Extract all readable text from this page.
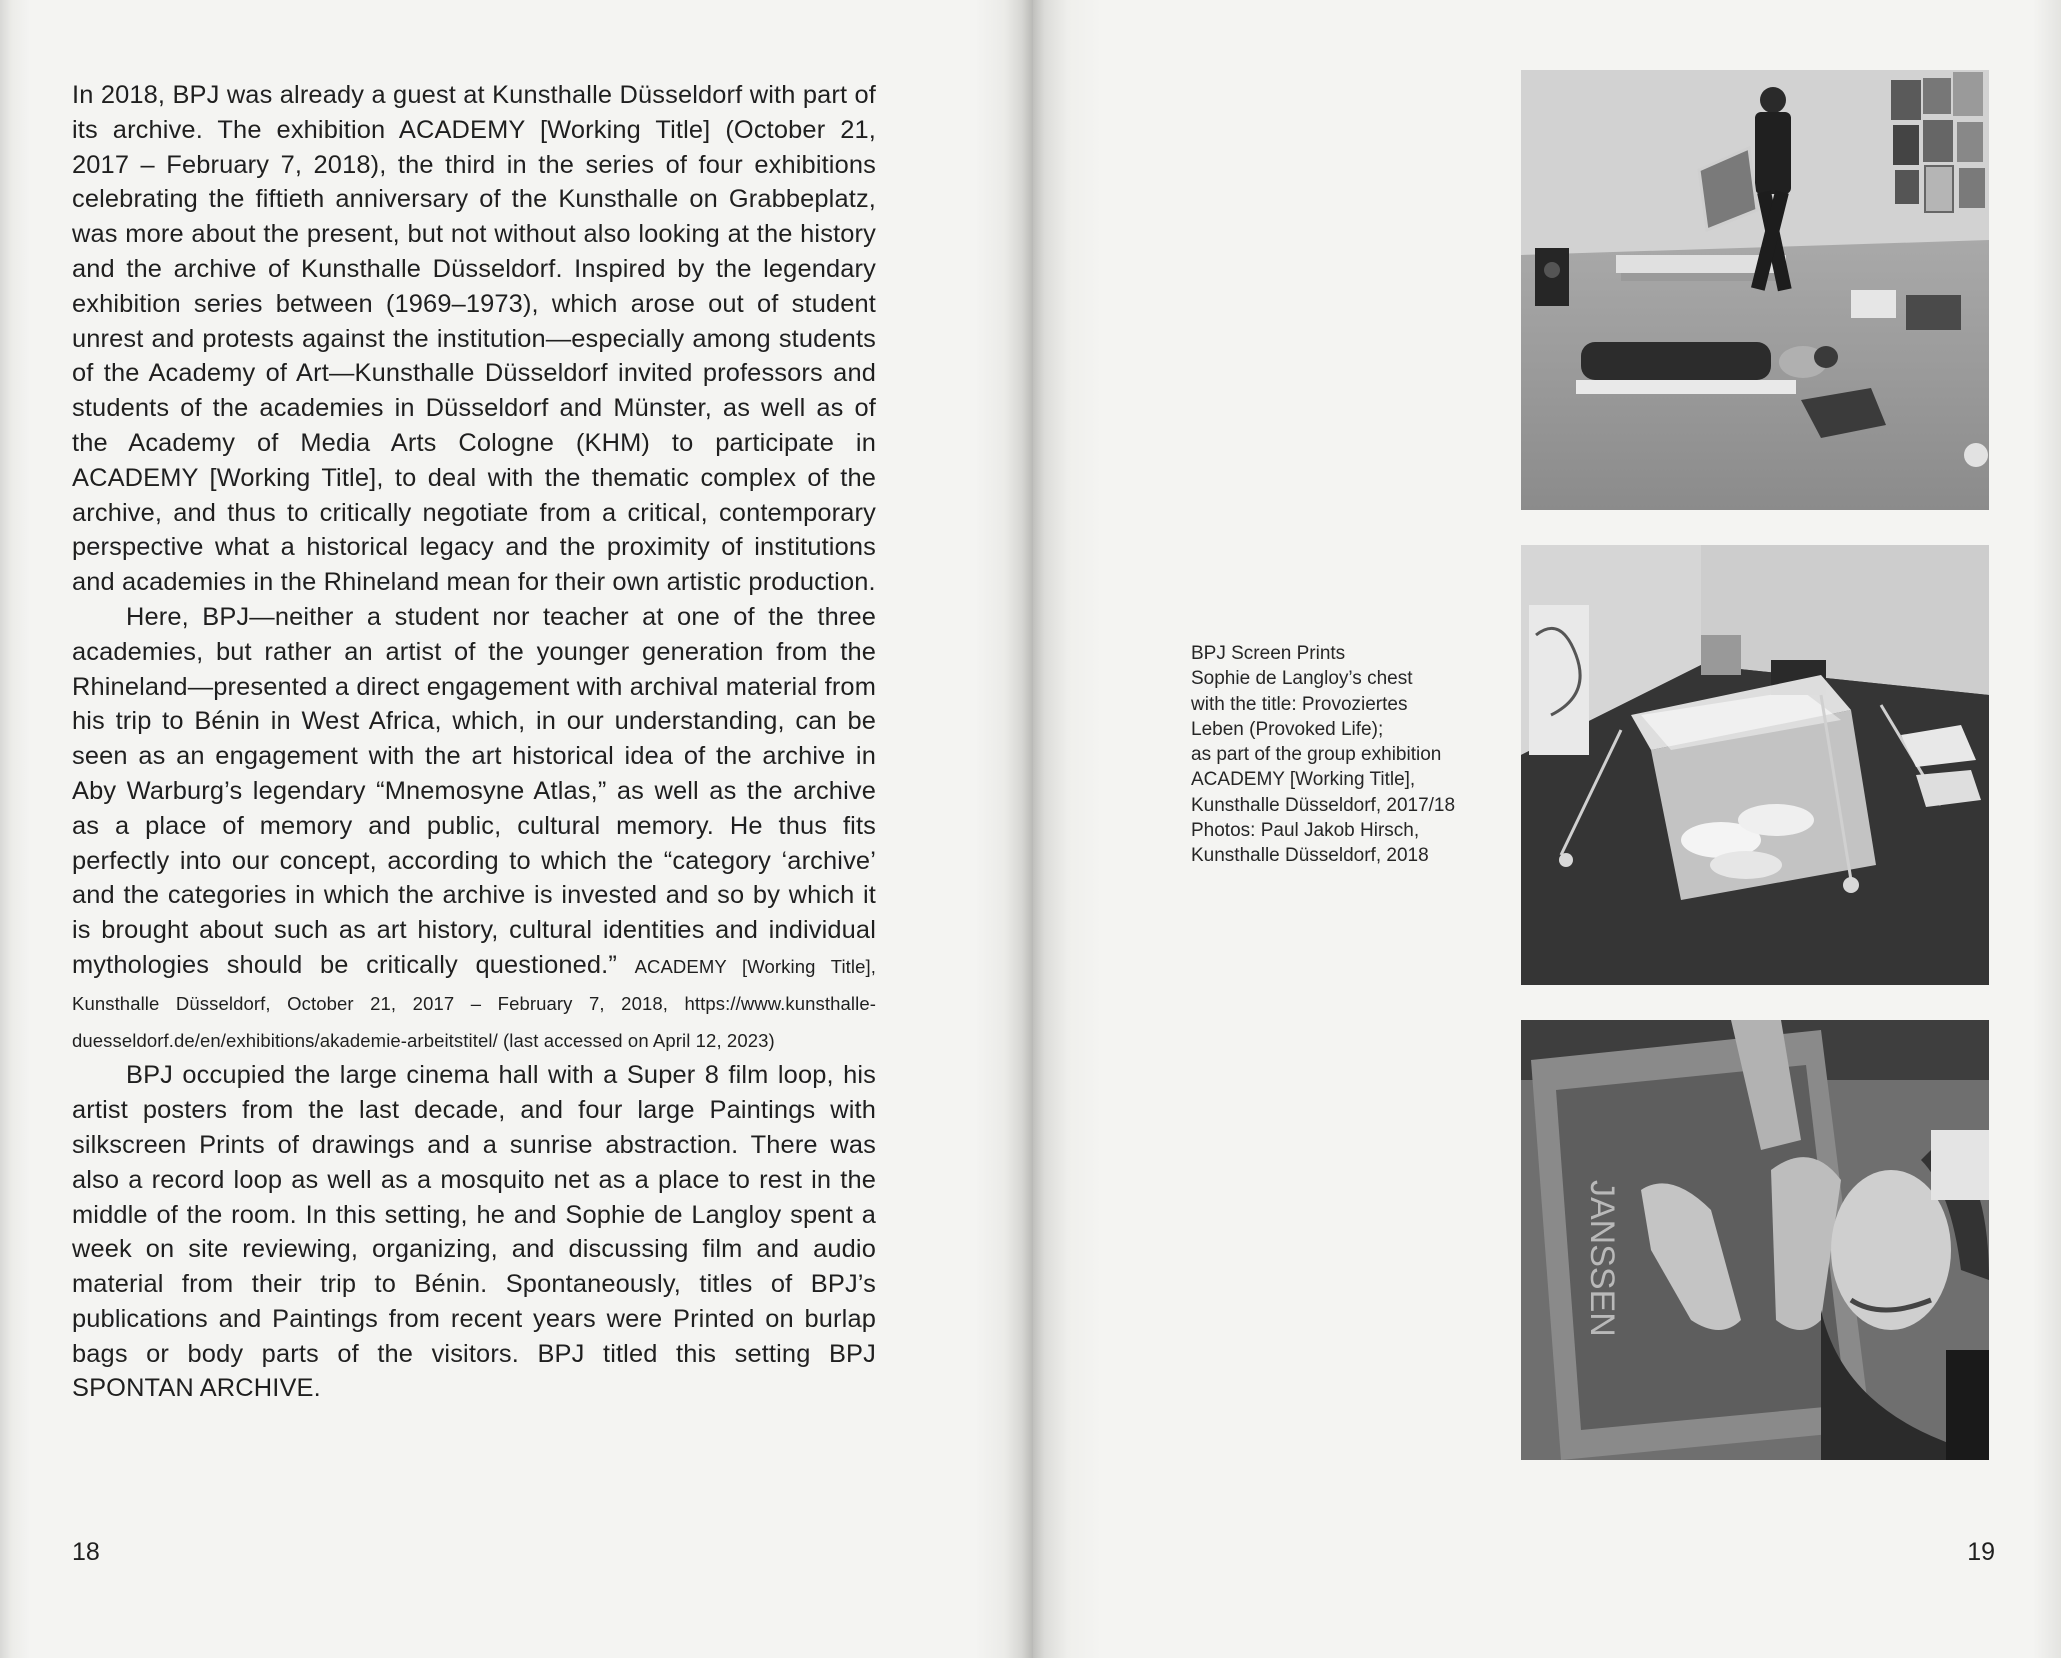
In 2018, BPJ was already a guest at Kunsthalle Düsseldorf with part of its archive. The exhibition ACADEMY [Working Title] (October 21, 2017 – February 7, 2018), the third in the series of four exhibitions celebrating the fiftieth anniversary of the Kunsthalle on Grabbeplatz, was more about the present, but not without also looking at the history and the archive of Kunsthalle Düsseldorf. Inspired by the legendary exhibition series between (1969–1973), which arose out of student unrest and protests against the institution—especially among students of the Academy of Art—Kunsthalle Düsseldorf invited professors and students of the academies in Düsseldorf and Münster, as well as of the Academy of Media Arts Cologne (KHM) to participate in ACADEMY [Working Title], to deal with the thematic complex of the archive, and thus to critically negotiate from a critical, contemporary perspective what a historical legacy and the proximity of institutions and academies in the Rhineland mean for their own artistic production.

Here, BPJ—neither a student nor teacher at one of the three academies, but rather an artist of the younger generation from the Rhineland—presented a direct engagement with archival material from his trip to Bénin in West Africa, which, in our understanding, can be seen as an engagement with the art historical idea of the archive in Aby Warburg’s legendary “Mnemosyne Atlas,” as well as the archive as a place of memory and public, cultural memory. He thus fits perfectly into our concept, according to which the “category ‘archive’ and the categories in which the archive is invested and so by which it is brought about such as art history, cultural identities and individual mythologies should be critically questioned.” ACADEMY [Working Title], Kunsthalle Düsseldorf, October 21, 2017 – February 7, 2018, https://www.kunsthalle-duesseldorf.de/en/exhibitions/akademie-arbeitstitel/ (last accessed on April 12, 2023)

BPJ occupied the large cinema hall with a Super 8 film loop, his artist posters from the last decade, and four large Paintings with silkscreen Prints of drawings and a sunrise abstraction. There was also a record loop as well as a mosquito net as a place to rest in the middle of the room. In this setting, he and Sophie de Langloy spent a week on site reviewing, organizing, and discussing film and audio material from their trip to Bénin. Spontaneously, titles of BPJ’s publications and Paintings from recent years were Printed on burlap bags or body parts of the visitors. BPJ titled this setting BPJ SPONTAN ARCHIVE.

18
BPJ Screen Prints
Sophie de Langloy’s chest
with the title: Provoziertes
Leben (Provoked Life);
as part of the group exhibition
ACADEMY [Working Title],
Kunsthalle Düsseldorf, 2017/18
Photos: Paul Jakob Hirsch,
Kunsthalle Düsseldorf, 2018
JANSSEN
19
